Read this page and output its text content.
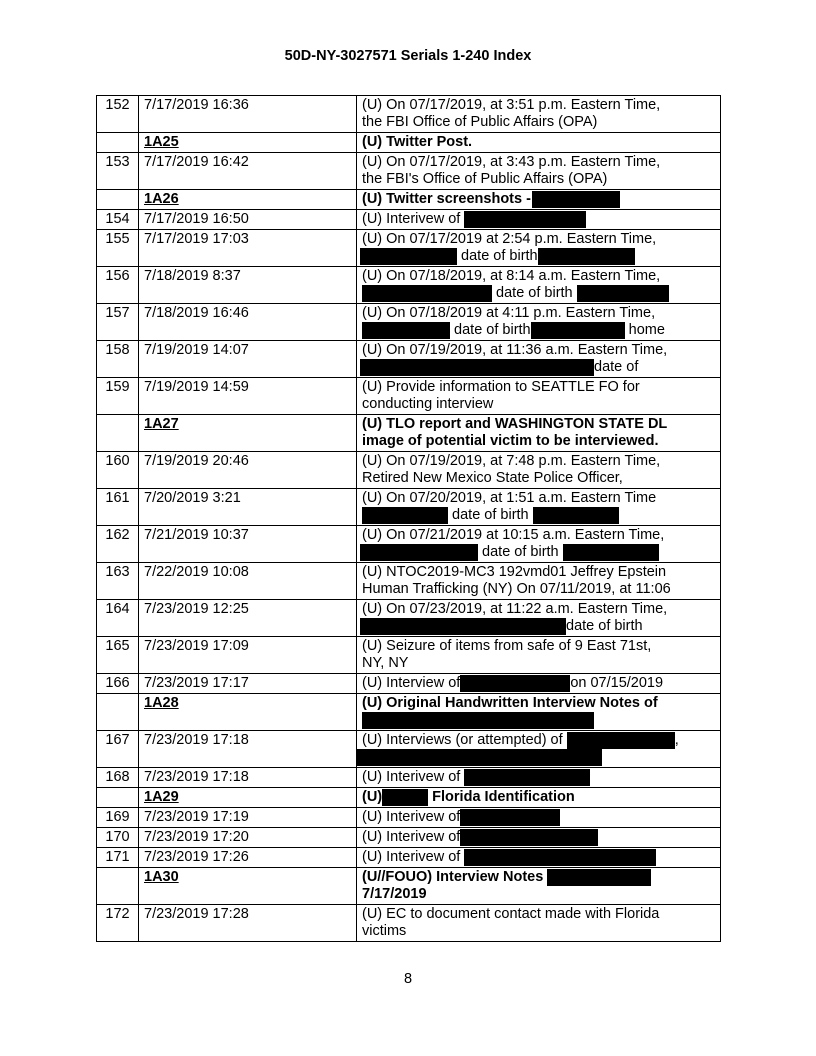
50D-NY-3027571 Serials 1-240 Index
152	7/17/2019 16:36	(U) On 07/17/2019, at 3:51 p.m. Eastern Time,
the FBI Office of Public Affairs (OPA)
	1A25	(U) Twitter Post.
153	7/17/2019 16:42	(U) On 07/17/2019, at 3:43 p.m. Eastern Time,
the FBI's Office of Public Affairs (OPA)
	1A26	(U) Twitter screenshots -
154	7/17/2019 16:50	(U) Interivew of
155	7/17/2019 17:03	(U) On 07/17/2019 at 2:54 p.m. Eastern Time,
date of birth
156	7/18/2019 8:37	(U) On 07/18/2019, at 8:14 a.m. Eastern Time,
date of birth
157	7/18/2019 16:46	(U) On 07/18/2019 at 4:11 p.m. Eastern Time,
date of birth home
158	7/19/2019 14:07	(U) On 07/19/2019, at 11:36 a.m. Eastern Time,
date of
159	7/19/2019 14:59	(U) Provide information to SEATTLE FO for
conducting interview
	1A27	(U) TLO report and WASHINGTON STATE DL
image of potential victim to be interviewed.
160	7/19/2019 20:46	(U) On 07/19/2019, at 7:48 p.m. Eastern Time,
Retired New Mexico State Police Officer,
161	7/20/2019 3:21	(U) On 07/20/2019, at 1:51 a.m. Eastern Time
date of birth
162	7/21/2019 10:37	(U) On 07/21/2019 at 10:15 a.m. Eastern Time,
date of birth
163	7/22/2019 10:08	(U) NTOC2019-MC3 192vmd01 Jeffrey Epstein
Human Trafficking (NY) On 07/11/2019, at 11:06
164	7/23/2019 12:25	(U) On 07/23/2019, at 11:22 a.m. Eastern Time,
date of birth
165	7/23/2019 17:09	(U) Seizure of items from safe of 9 East 71st,
NY, NY
166	7/23/2019 17:17	(U) Interview of on 07/15/2019
	1A28	(U) Original Handwritten Interview Notes of

167	7/23/2019 17:18	(U) Interviews (or attempted) of ,

168	7/23/2019 17:18	(U) Interivew of
	1A29	(U) Florida Identification
169	7/23/2019 17:19	(U) Interivew of
170	7/23/2019 17:20	(U) Interivew of
171	7/23/2019 17:26	(U) Interivew of
	1A30	(U//FOUO) Interview Notes
7/17/2019
172	7/23/2019 17:28	(U) EC to document contact made with Florida
victims
8
